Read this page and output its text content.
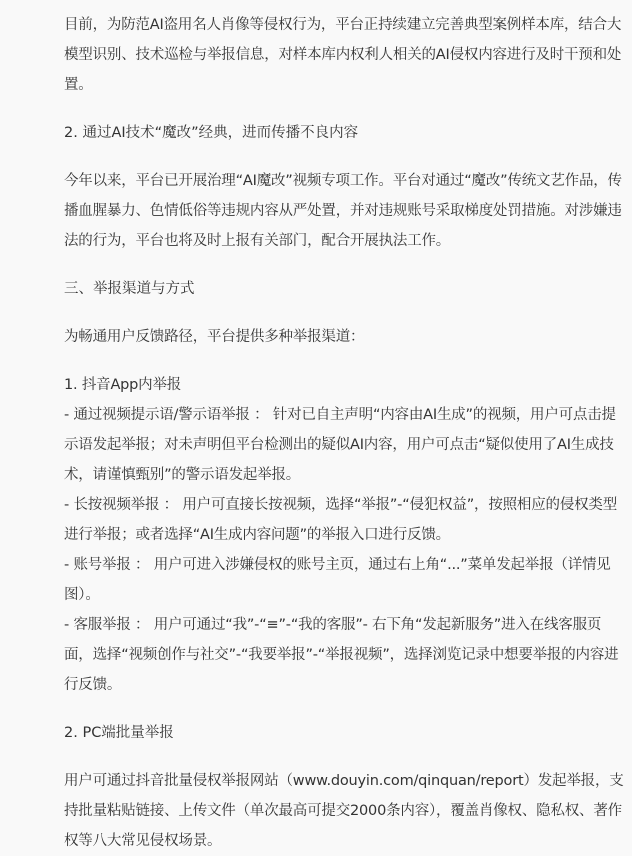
目前，为防范AI盗用名人肖像等侵权行为，平台正持续建立完善典型案例样本库，结合大模型识别、技术巡检与举报信息，对样本库内权利人相关的AI侵权内容进行及时干预和处置。

2. 通过AI技术“魔改”经典，进而传播不良内容

今年以来，平台已开展治理“AI魔改”视频专项工作。平台对通过“魔改”传统文艺作品，传播血腥暴力、色情低俗等违规内容从严处置，并对违规账号采取梯度处罚措施。对涉嫌违法的行为，平台也将及时上报有关部门，配合开展执法工作。

三、举报渠道与方式

为畅通用户反馈路径，平台提供多种举报渠道：

1. 抖音App内举报

- 通过视频提示语/警示语举报 ： 针对已自主声明“内容由AI生成”的视频，用户可点击提示语发起举报；对未声明但平台检测出的疑似AI内容，用户可点击“疑似使用了AI生成技术，请谨慎甄别”的警示语发起举报。

- 长按视频举报 ： 用户可直接长按视频，选择“举报”-“侵犯权益”，按照相应的侵权类型进行举报；或者选择“AI生成内容问题”的举报入口进行反馈。

- 账号举报 ： 用户可进入涉嫌侵权的账号主页，通过右上角“...”菜单发起举报（详情见图）。

- 客服举报 ： 用户可通过“我”-“≡”-“我的客服”- 右下角“发起新服务”进入在线客服页面，选择“视频创作与社交”-“我要举报”-“举报视频”，选择浏览记录中想要举报的内容进行反馈。

2. PC端批量举报

用户可通过抖音批量侵权举报网站（www.douyin.com/qinquan/report）发起举报，支持批量粘贴链接、上传文件（单次最高可提交2000条内容），覆盖肖像权、隐私权、著作权等八大常见侵权场景。
